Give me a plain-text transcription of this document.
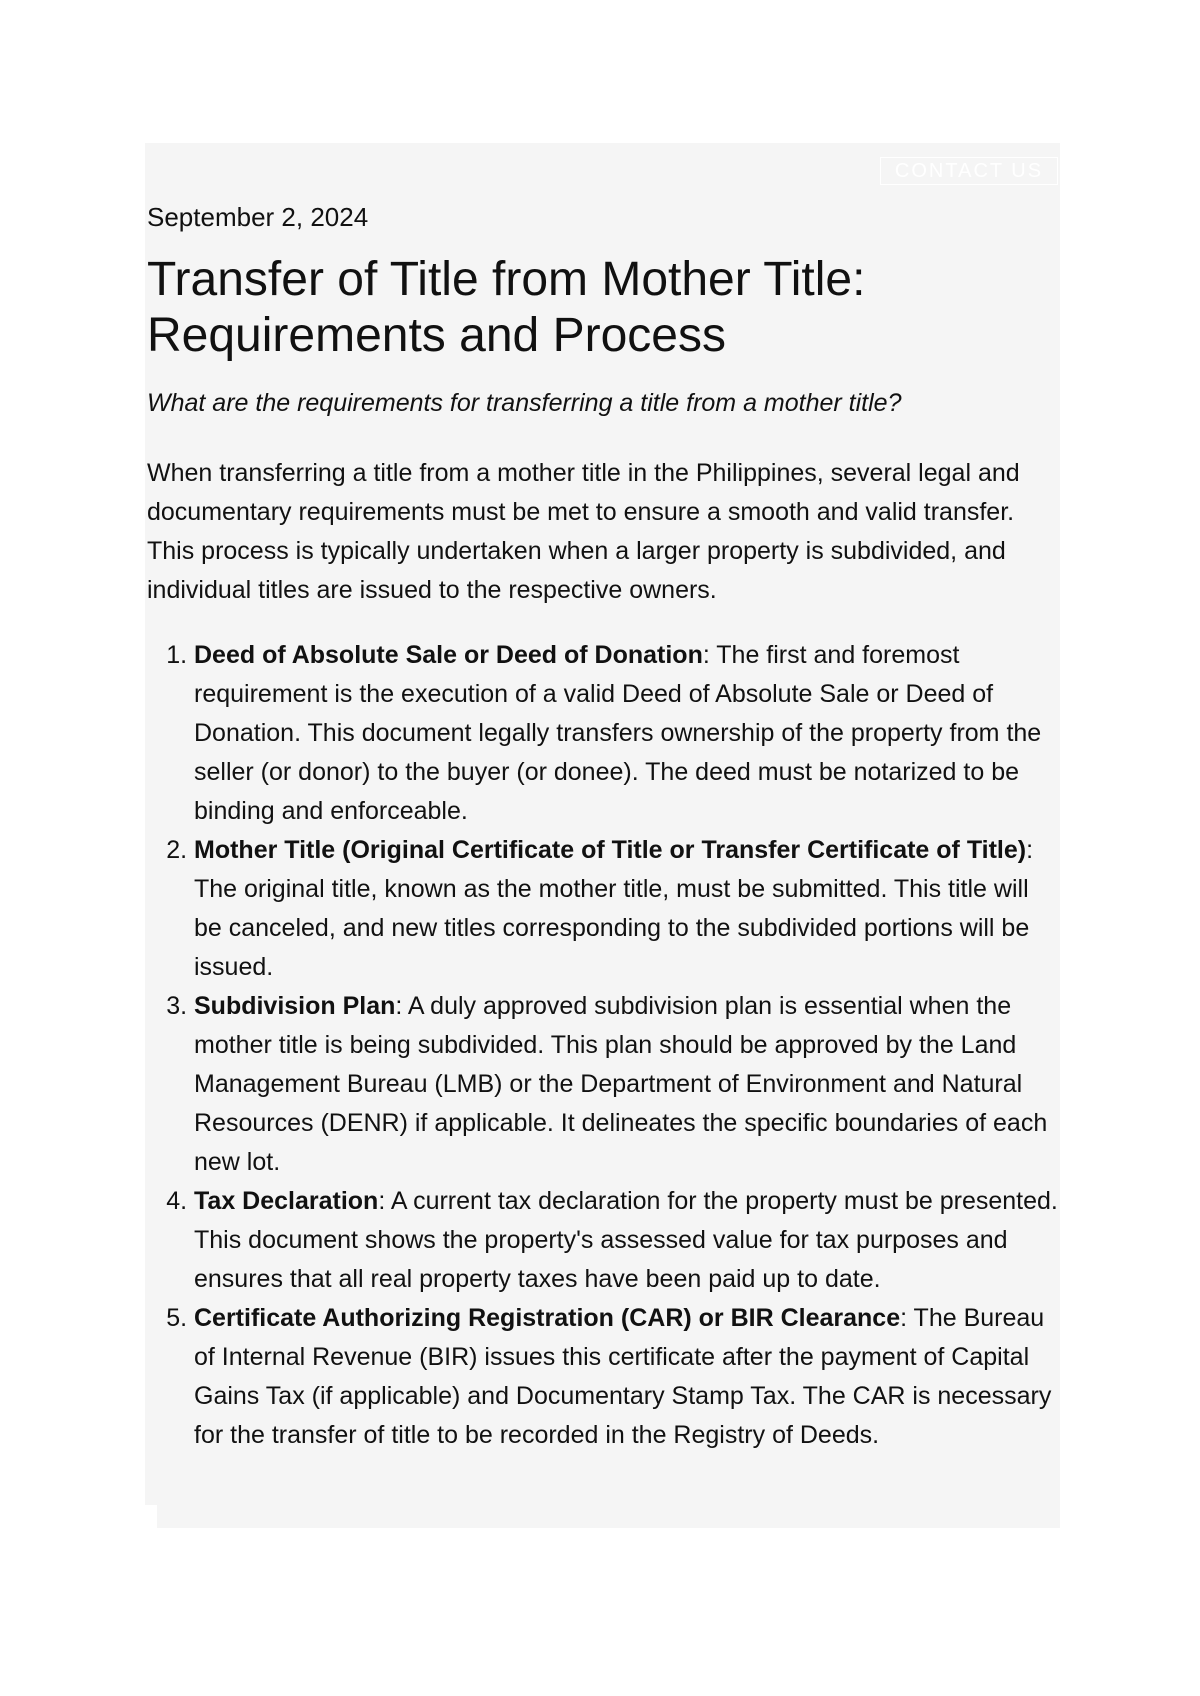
CONTACT US
September 2, 2024
Transfer of Title from Mother Title: Requirements and Process

What are the requirements for transferring a title from a mother title?

When transferring a title from a mother title in the Philippines, several legal and documentary requirements must be met to ensure a smooth and valid transfer. This process is typically undertaken when a larger property is subdivided, and individual titles are issued to the respective owners.

1. Deed of Absolute Sale or Deed of Donation: The first and foremost requirement is the execution of a valid Deed of Absolute Sale or Deed of Donation. This document legally transfers ownership of the property from the seller (or donor) to the buyer (or donee). The deed must be notarized to be binding and enforceable.
2. Mother Title (Original Certificate of Title or Transfer Certificate of Title): The original title, known as the mother title, must be submitted. This title will be canceled, and new titles corresponding to the subdivided portions will be issued.
3. Subdivision Plan: A duly approved subdivision plan is essential when the mother title is being subdivided. This plan should be approved by the Land Management Bureau (LMB) or the Department of Environment and Natural Resources (DENR) if applicable. It delineates the specific boundaries of each new lot.
4. Tax Declaration: A current tax declaration for the property must be presented. This document shows the property's assessed value for tax purposes and ensures that all real property taxes have been paid up to date.
5. Certificate Authorizing Registration (CAR) or BIR Clearance: The Bureau of Internal Revenue (BIR) issues this certificate after the payment of Capital Gains Tax (if applicable) and Documentary Stamp Tax. The CAR is necessary for the transfer of title to be recorded in the Registry of Deeds.
